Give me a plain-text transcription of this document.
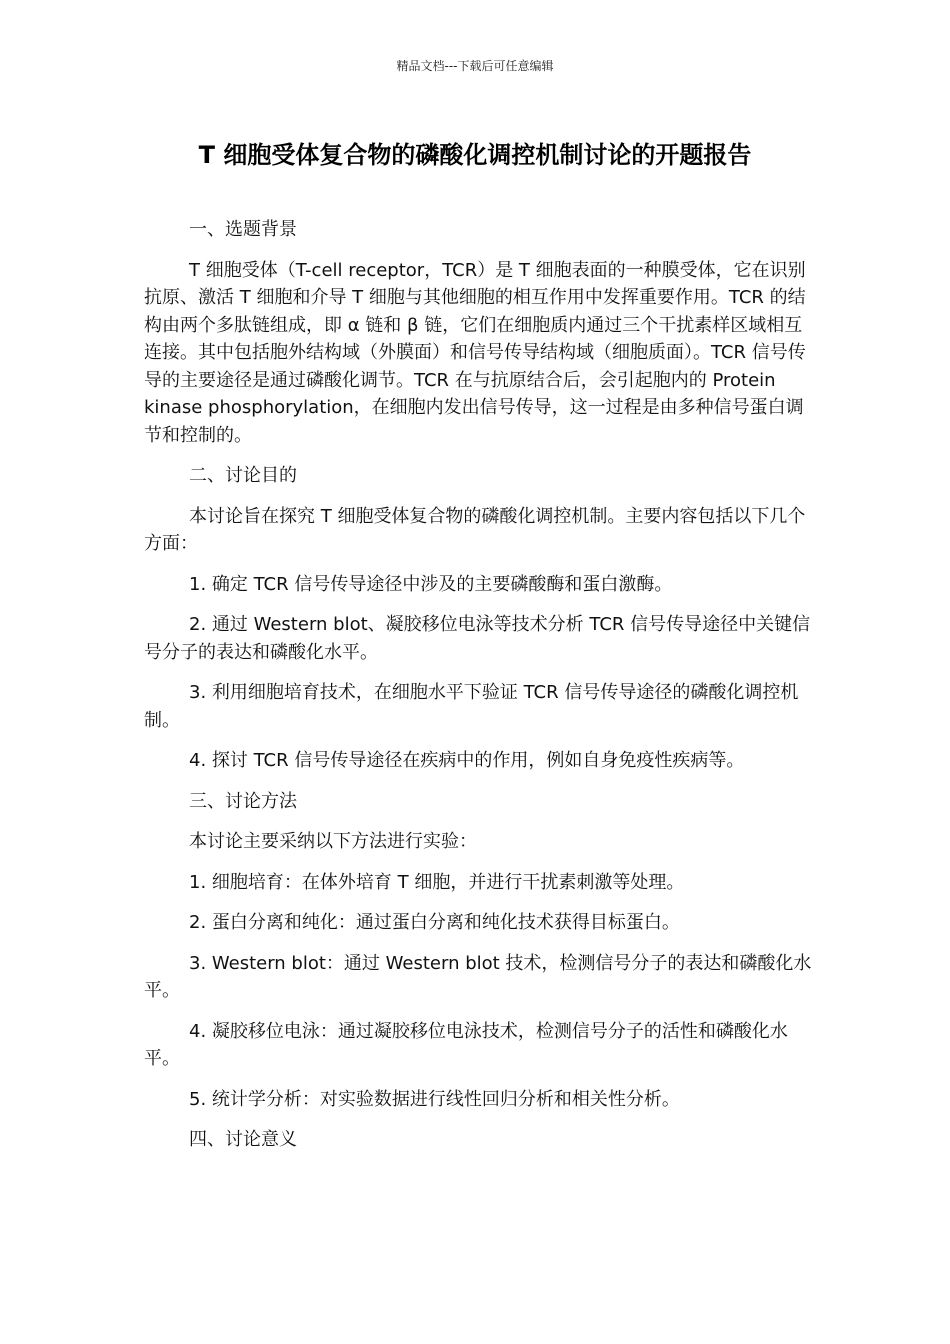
精品文档---下载后可任意编辑
T 细胞受体复合物的磷酸化调控机制讨论的开题报告

一、选题背景

T 细胞受体（T-cell receptor，TCR）是 T 细胞表面的一种膜受体，它在识别抗原、激活 T 细胞和介导 T 细胞与其他细胞的相互作用中发挥重要作用。TCR 的结构由两个多肽链组成，即 α 链和 β 链，它们在细胞质内通过三个干扰素样区域相互连接。其中包括胞外结构域（外膜面）和信号传导结构域（细胞质面）。TCR 信号传导的主要途径是通过磷酸化调节。TCR 在与抗原结合后，会引起胞内的 Protein kinase phosphorylation，在细胞内发出信号传导，这一过程是由多种信号蛋白调节和控制的。

二、讨论目的

本讨论旨在探究 T 细胞受体复合物的磷酸化调控机制。主要内容包括以下几个方面：

1. 确定 TCR 信号传导途径中涉及的主要磷酸酶和蛋白激酶。

2. 通过 Western blot、凝胶移位电泳等技术分析 TCR 信号传导途径中关键信号分子的表达和磷酸化水平。

3. 利用细胞培育技术，在细胞水平下验证 TCR 信号传导途径的磷酸化调控机制。

4. 探讨 TCR 信号传导途径在疾病中的作用，例如自身免疫性疾病等。

三、讨论方法

本讨论主要采纳以下方法进行实验：

1. 细胞培育：在体外培育 T 细胞，并进行干扰素刺激等处理。

2. 蛋白分离和纯化：通过蛋白分离和纯化技术获得目标蛋白。

3. Western blot：通过 Western blot 技术，检测信号分子的表达和磷酸化水平。

4. 凝胶移位电泳：通过凝胶移位电泳技术，检测信号分子的活性和磷酸化水平。

5. 统计学分析：对实验数据进行线性回归分析和相关性分析。

四、讨论意义
